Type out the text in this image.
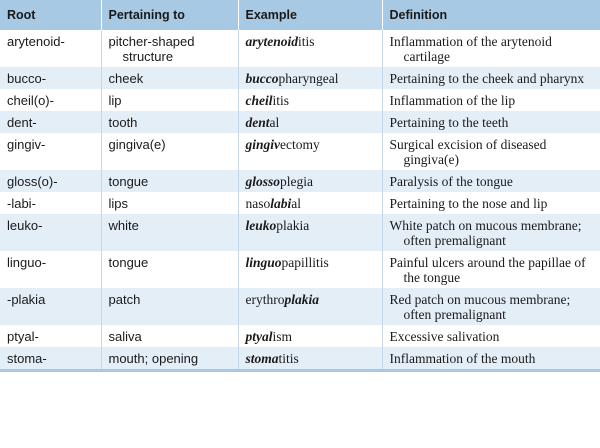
Root	Pertaining to	Example	Definition
arytenoid-	pitcher-shaped structure	arytenoiditis	Inflammation of the arytenoid cartilage

bucco-	cheek	buccopharyngeal	Pertaining to the cheek and pharynx

cheil(o)-	lip	cheilitis	Inflammation of the lip

dent-	tooth	dental	Pertaining to the teeth

gingiv-	gingiva(e)	gingivectomy	Surgical excision of diseased gingiva(e)

gloss(o)-	tongue	glossoplegia	Paralysis of the tongue

-labi-	lips	nasolabial	Pertaining to the nose and lip

leuko-	white	leukoplakia	White patch on mucous membrane; often premalignant

linguo-	tongue	linguopapillitis	Painful ulcers around the papillae of the tongue

-plakia	patch	erythroplakia	Red patch on mucous membrane; often premalignant

ptyal-	saliva	ptyalism	Excessive salivation

stoma-	mouth; opening	stomatitis	Inflammation of the mouth
